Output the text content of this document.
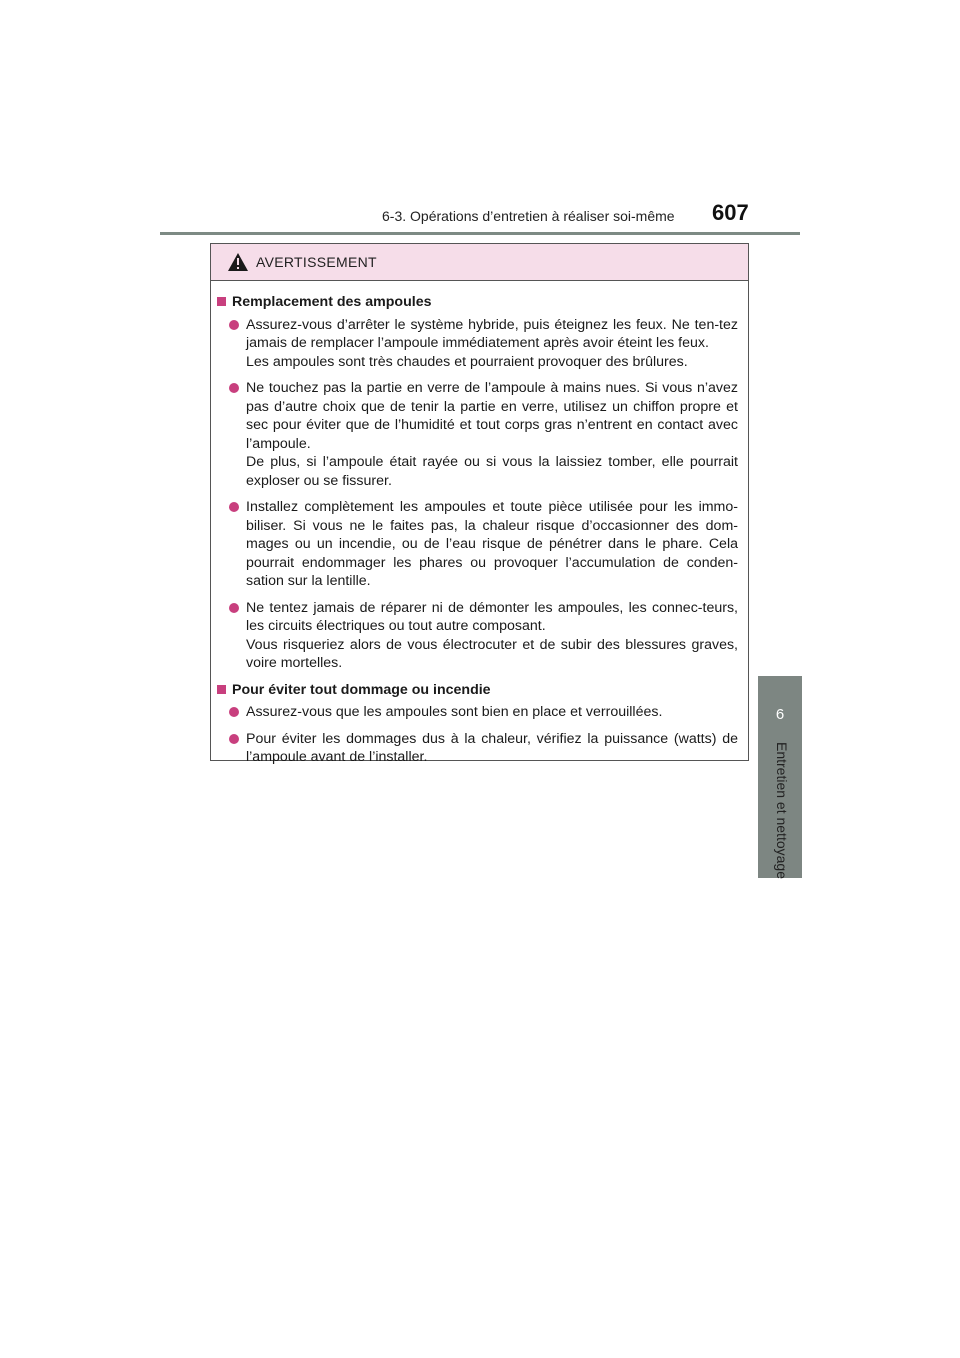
6-3. Opérations d’entretien à réaliser soi-même 607
6
Entretien et nettoyage
AVERTISSEMENT
Remplacement des ampoules

Assurez-vous d’arrêter le système hybride, puis éteignez les feux. Ne ten-tez jamais de remplacer l’ampoule immédiatement après avoir éteint les feux.

Les ampoules sont très chaudes et pourraient provoquer des brûlures.

Ne touchez pas la partie en verre de l’ampoule à mains nues. Si vous n’avez pas d’autre choix que de tenir la partie en verre, utilisez un chiffon propre et sec pour éviter que de l’humidité et tout corps gras n’entrent en contact avec l’ampoule.

De plus, si l’ampoule était rayée ou si vous la laissiez tomber, elle pourrait exploser ou se fissurer.

Installez complètement les ampoules et toute pièce utilisée pour les immo-biliser. Si vous ne le faites pas, la chaleur risque d’occasionner des dom-mages ou un incendie, ou de l’eau risque de pénétrer dans le phare. Cela pourrait endommager les phares ou provoquer l’accumulation de conden-sation sur la lentille.

Ne tentez jamais de réparer ni de démonter les ampoules, les connec-teurs, les circuits électriques ou tout autre composant.

Vous risqueriez alors de vous électrocuter et de subir des blessures graves, voire mortelles.

Pour éviter tout dommage ou incendie

Assurez-vous que les ampoules sont bien en place et verrouillées.

Pour éviter les dommages dus à la chaleur, vérifiez la puissance (watts) de l’ampoule avant de l’installer.
